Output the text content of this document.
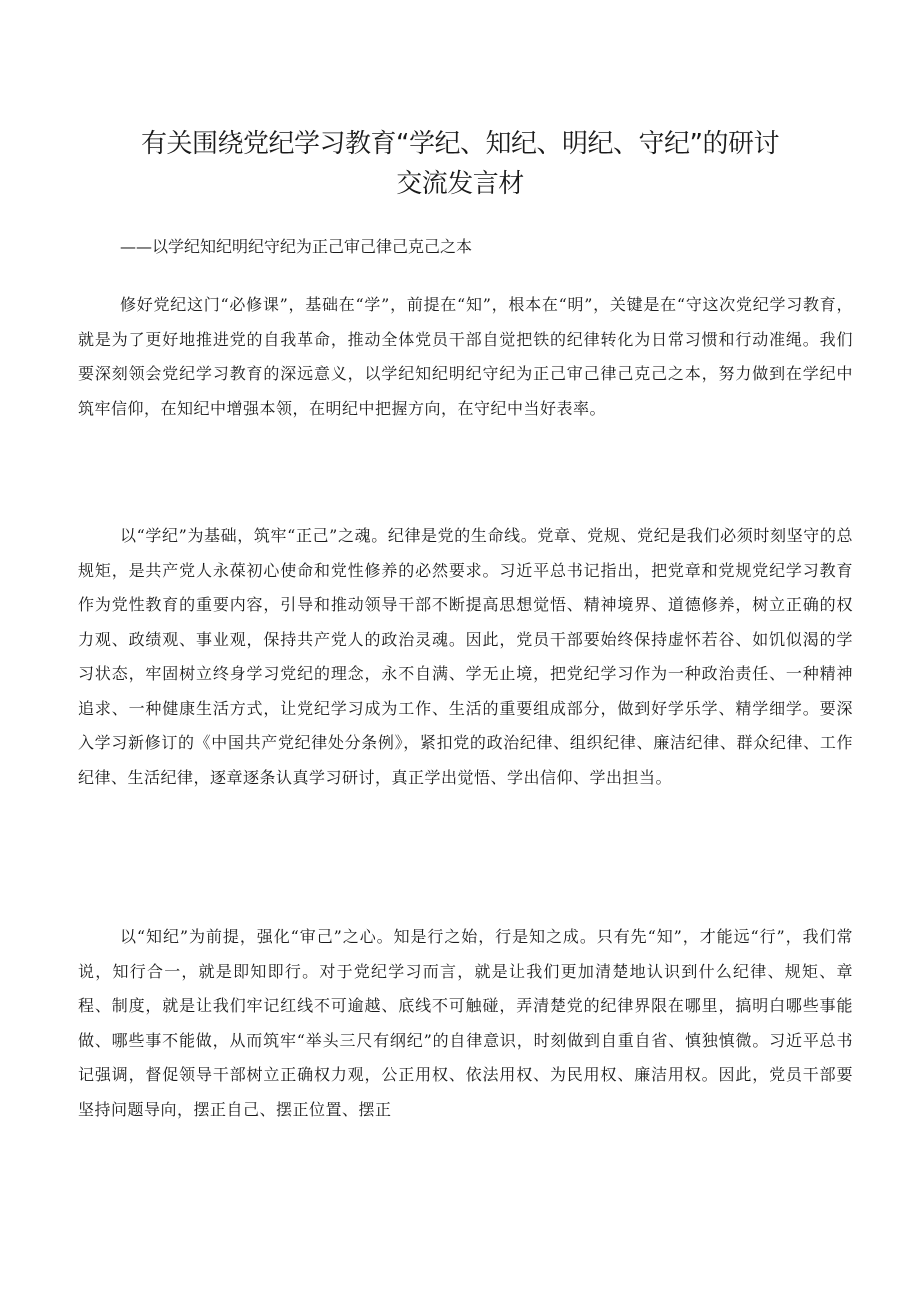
有关围绕党纪学习教育“学纪、知纪、明纪、守纪”的研讨
交流发言材

——以学纪知纪明纪守纪为正己审己律己克己之本

修好党纪这门“必修课”，基础在“学”，前提在“知”，根本在“明”，关键是在“守这次党纪学习教育，就是为了更好地推进党的自我革命，推动全体党员干部自觉把铁的纪律转化为日常习惯和行动准绳。我们要深刻领会党纪学习教育的深远意义，以学纪知纪明纪守纪为正己审己律己克己之本，努力做到在学纪中筑牢信仰，在知纪中增强本领，在明纪中把握方向，在守纪中当好表率。

以“学纪”为基础，筑牢“正己”之魂。纪律是党的生命线。党章、党规、党纪是我们必须时刻坚守的总规矩，是共产党人永葆初心使命和党性修养的必然要求。习近平总书记指出，把党章和党规党纪学习教育作为党性教育的重要内容，引导和推动领导干部不断提高思想觉悟、精神境界、道德修养，树立正确的权力观、政绩观、事业观，保持共产党人的政治灵魂。因此，党员干部要始终保持虚怀若谷、如饥似渴的学习状态，牢固树立终身学习党纪的理念，永不自满、学无止境，把党纪学习作为一种政治责任、一种精神追求、一种健康生活方式，让党纪学习成为工作、生活的重要组成部分，做到好学乐学、精学细学。要深入学习新修订的《中国共产党纪律处分条例》，紧扣党的政治纪律、组织纪律、廉洁纪律、群众纪律、工作纪律、生活纪律，逐章逐条认真学习研讨，真正学出觉悟、学出信仰、学出担当。

以“知纪”为前提，强化“审己”之心。知是行之始，行是知之成。只有先“知”，才能远“行”，我们常说，知行合一，就是即知即行。对于党纪学习而言，就是让我们更加清楚地认识到什么纪律、规矩、章程、制度，就是让我们牢记红线不可逾越、底线不可触碰，弄清楚党的纪律界限在哪里，搞明白哪些事能做、哪些事不能做，从而筑牢“举头三尺有纲纪”的自律意识，时刻做到自重自省、慎独慎微。习近平总书记强调，督促领导干部树立正确权力观，公正用权、依法用权、为民用权、廉洁用权。因此，党员干部要坚持问题导向，摆正自己、摆正位置、摆正
